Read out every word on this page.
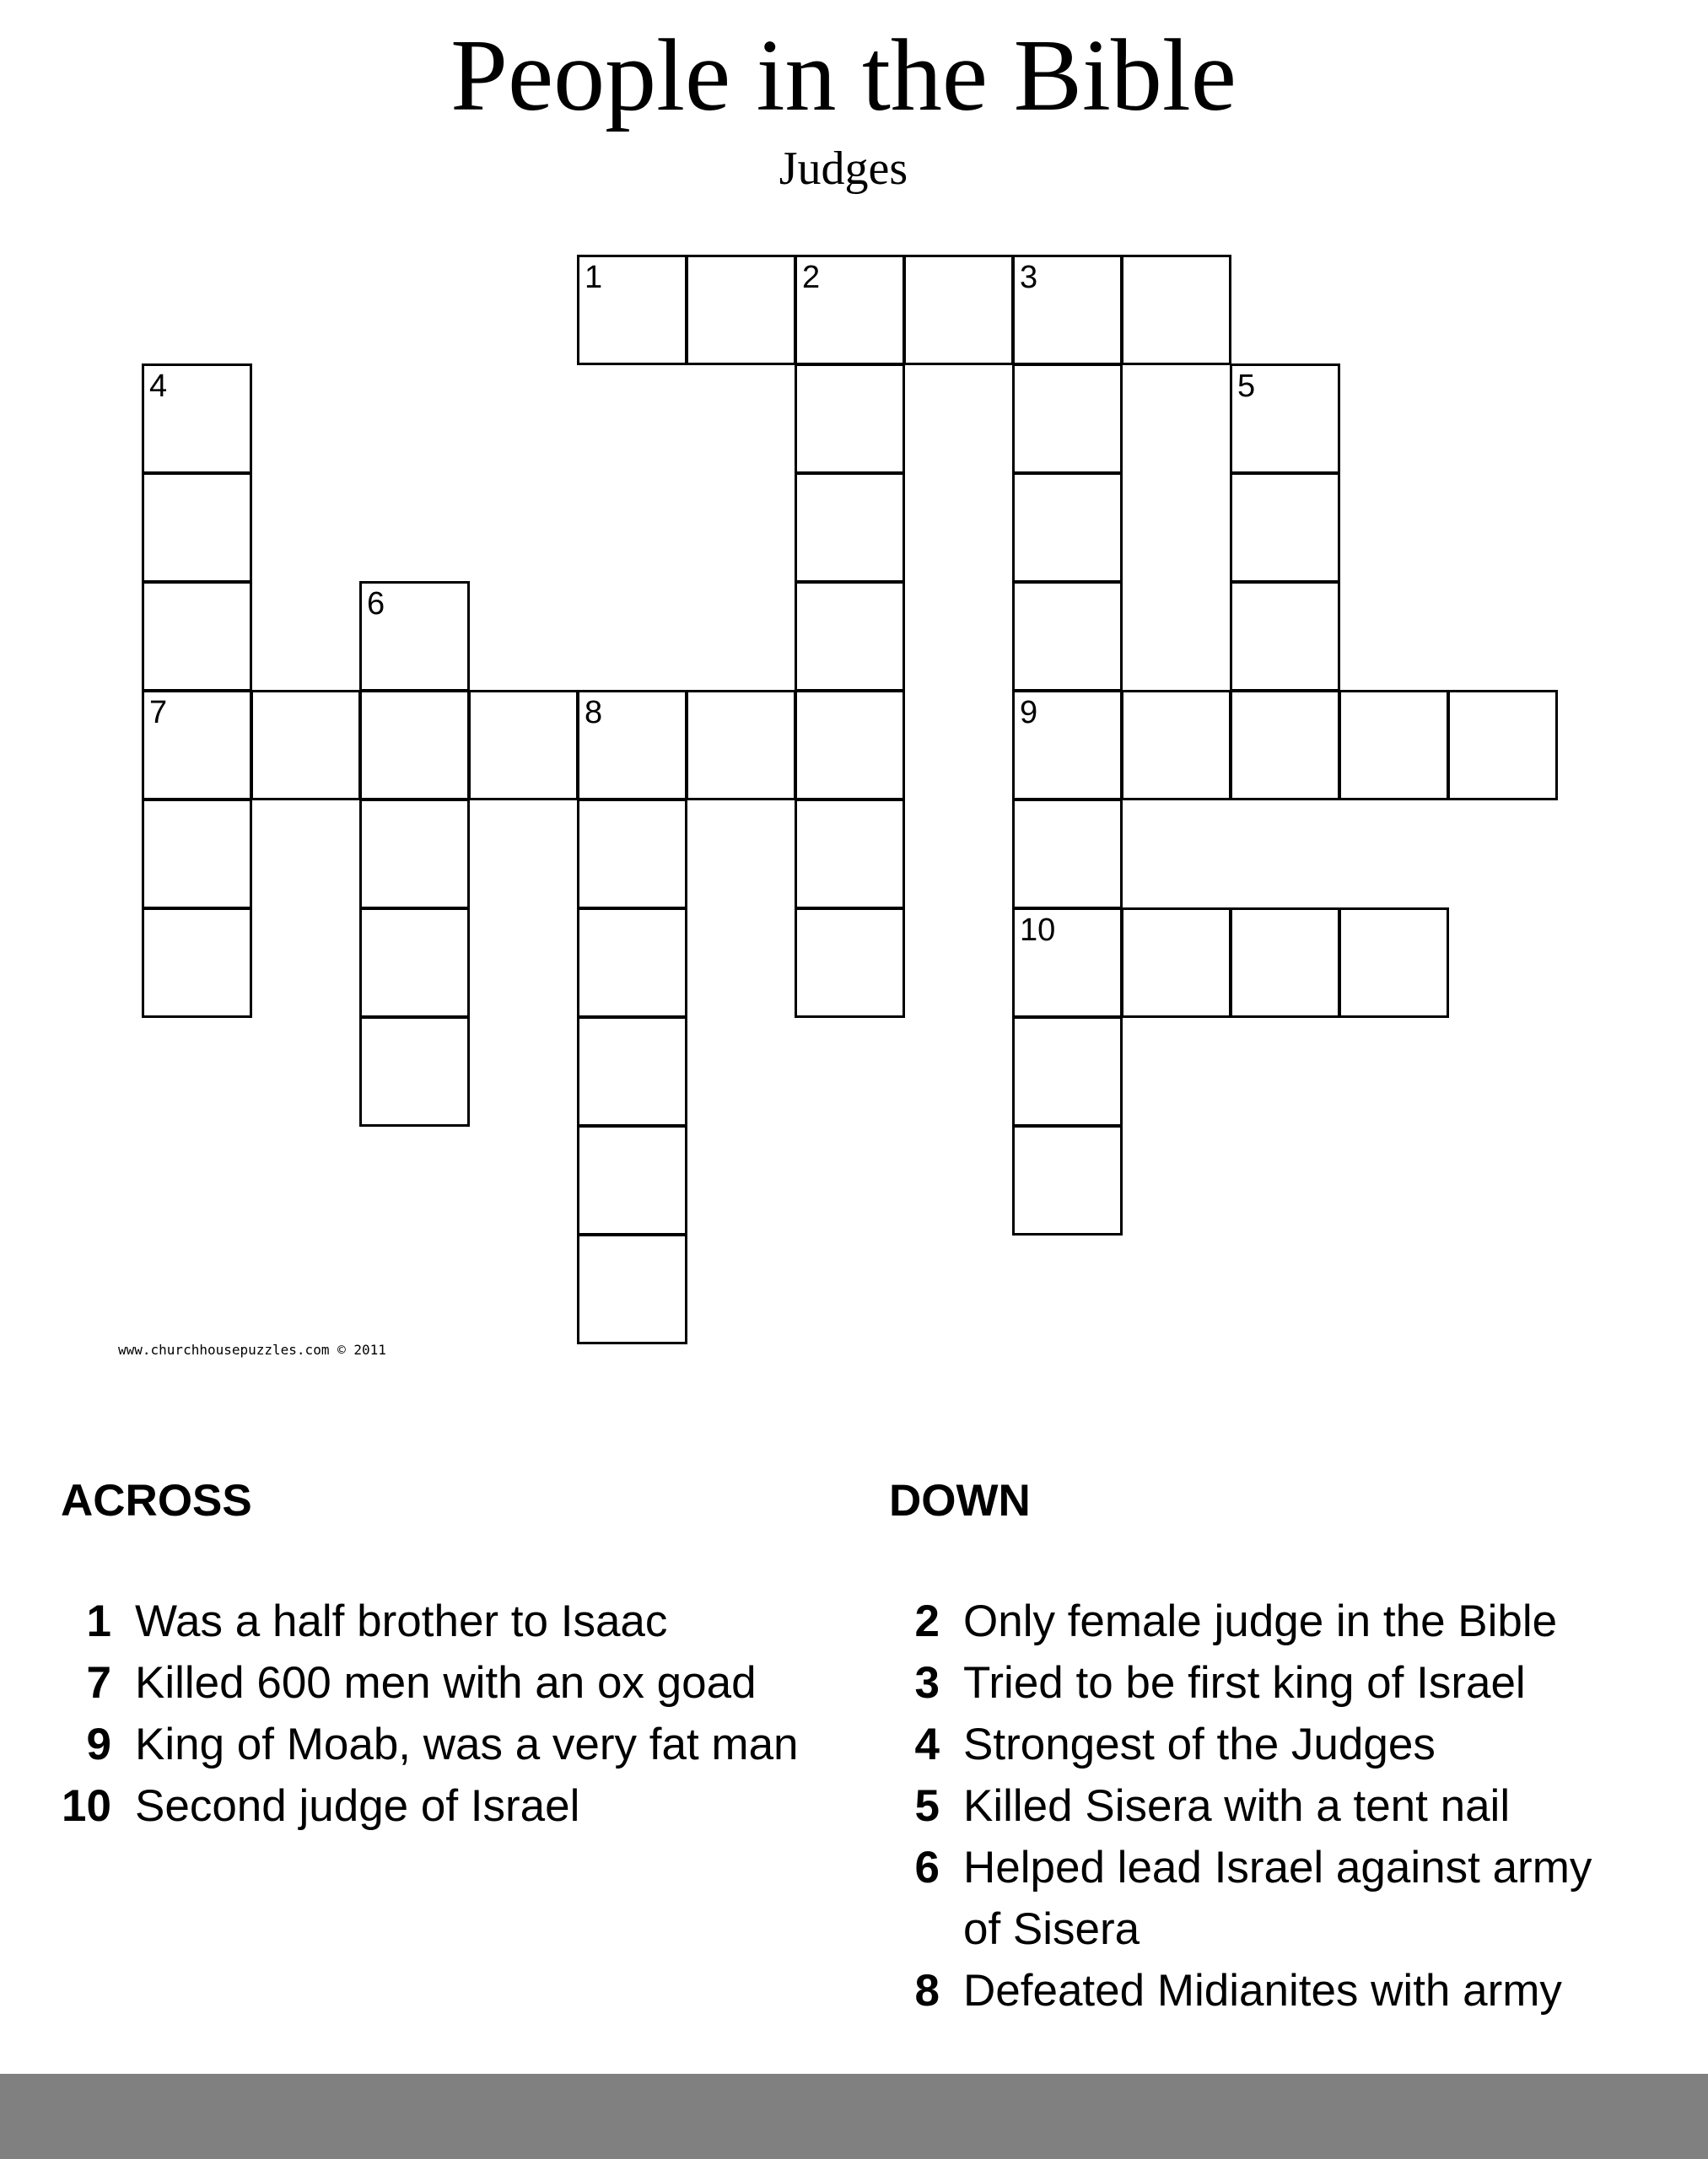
People in the Bible
Judges
1	2	3
4	5
6
7	8	9
10
www.churchhousepuzzles.com © 2011
ACROSS
1 Was a half brother to Isaac
7 Killed 600 men with an ox goad
9 King of Moab, was a very fat man
10 Second judge of Israel
DOWN
2 Only female judge in the Bible
3 Tried to be first king of Israel
4 Strongest of the Judges
5 Killed Sisera with a tent nail
6 Helped lead Israel against army of Sisera
8 Defeated Midianites with army
